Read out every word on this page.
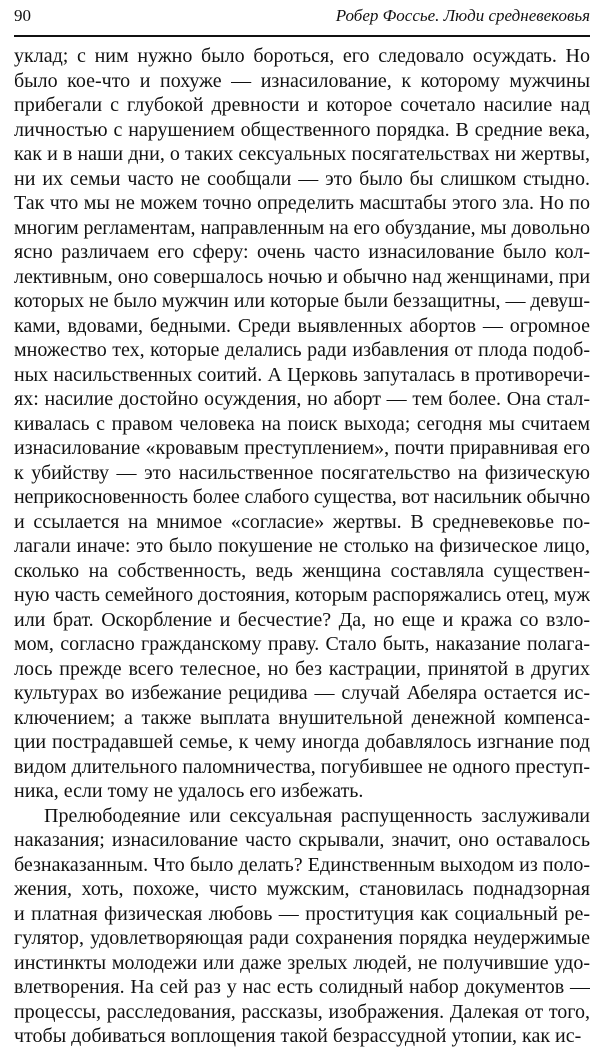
90	Робер Фоссье. Люди средневековья
уклад; с ним нужно было бороться, его следовало осуждать. Но
было кое-что и похуже — изнасилование, к которому мужчины
прибегали с глубокой древности и которое сочетало насилие над
личностью с нарушением общественного порядка. В средние века,
как и в наши дни, о таких сексуальных посягательствах ни жертвы,
ни их семьи часто не сообщали — это было бы слишком стыдно.
Так что мы не можем точно определить масштабы этого зла. Но по
многим регламентам, направленным на его обуздание, мы довольно
ясно различаем его сферу: очень часто изнасилование было кол-
лективным, оно совершалось ночью и обычно над женщинами, при
которых не было мужчин или которые были беззащитны, — девуш-
ками, вдовами, бедными. Среди выявленных абортов — огромное
множество тех, которые делались ради избавления от плода подоб-
ных насильственных соитий. А Церковь запуталась в противоречи-
ях: насилие достойно осуждения, но аборт — тем более. Она стал-
кивалась с правом человека на поиск выхода; сегодня мы считаем
изнасилование «кровавым преступлением», почти приравнивая его
к убийству — это насильственное посягательство на физическую
неприкосновенность более слабого существа, вот насильник обычно
и ссылается на мнимое «согласие» жертвы. В средневековье по-
лагали иначе: это было покушение не столько на физическое лицо,
сколько на собственность, ведь женщина составляла существен-
ную часть семейного достояния, которым распоряжались отец, муж
или брат. Оскорбление и бесчестие? Да, но еще и кража со взло-
мом, согласно гражданскому праву. Стало быть, наказание полага-
лось прежде всего телесное, но без кастрации, принятой в других
культурах во избежание рецидива — случай Абеляра остается ис-
ключением; а также выплата внушительной денежной компенса-
ции пострадавшей семье, к чему иногда добавлялось изгнание под
видом длительного паломничества, погубившее не одного преступ-
ника, если тому не удалось его избежать.
Прелюбодеяние или сексуальная распущенность заслуживали
наказания; изнасилование часто скрывали, значит, оно оставалось
безнаказанным. Что было делать? Единственным выходом из поло-
жения, хоть, похоже, чисто мужским, становилась поднадзорная
и платная физическая любовь — проституция как социальный ре-
гулятор, удовлетворяющая ради сохранения порядка неудержимые
инстинкты молодежи или даже зрелых людей, не получившие удо-
влетворения. На сей раз у нас есть солидный набор документов —
процессы, расследования, рассказы, изображения. Далекая от того,
чтобы добиваться воплощения такой безрассудной утопии, как ис-
